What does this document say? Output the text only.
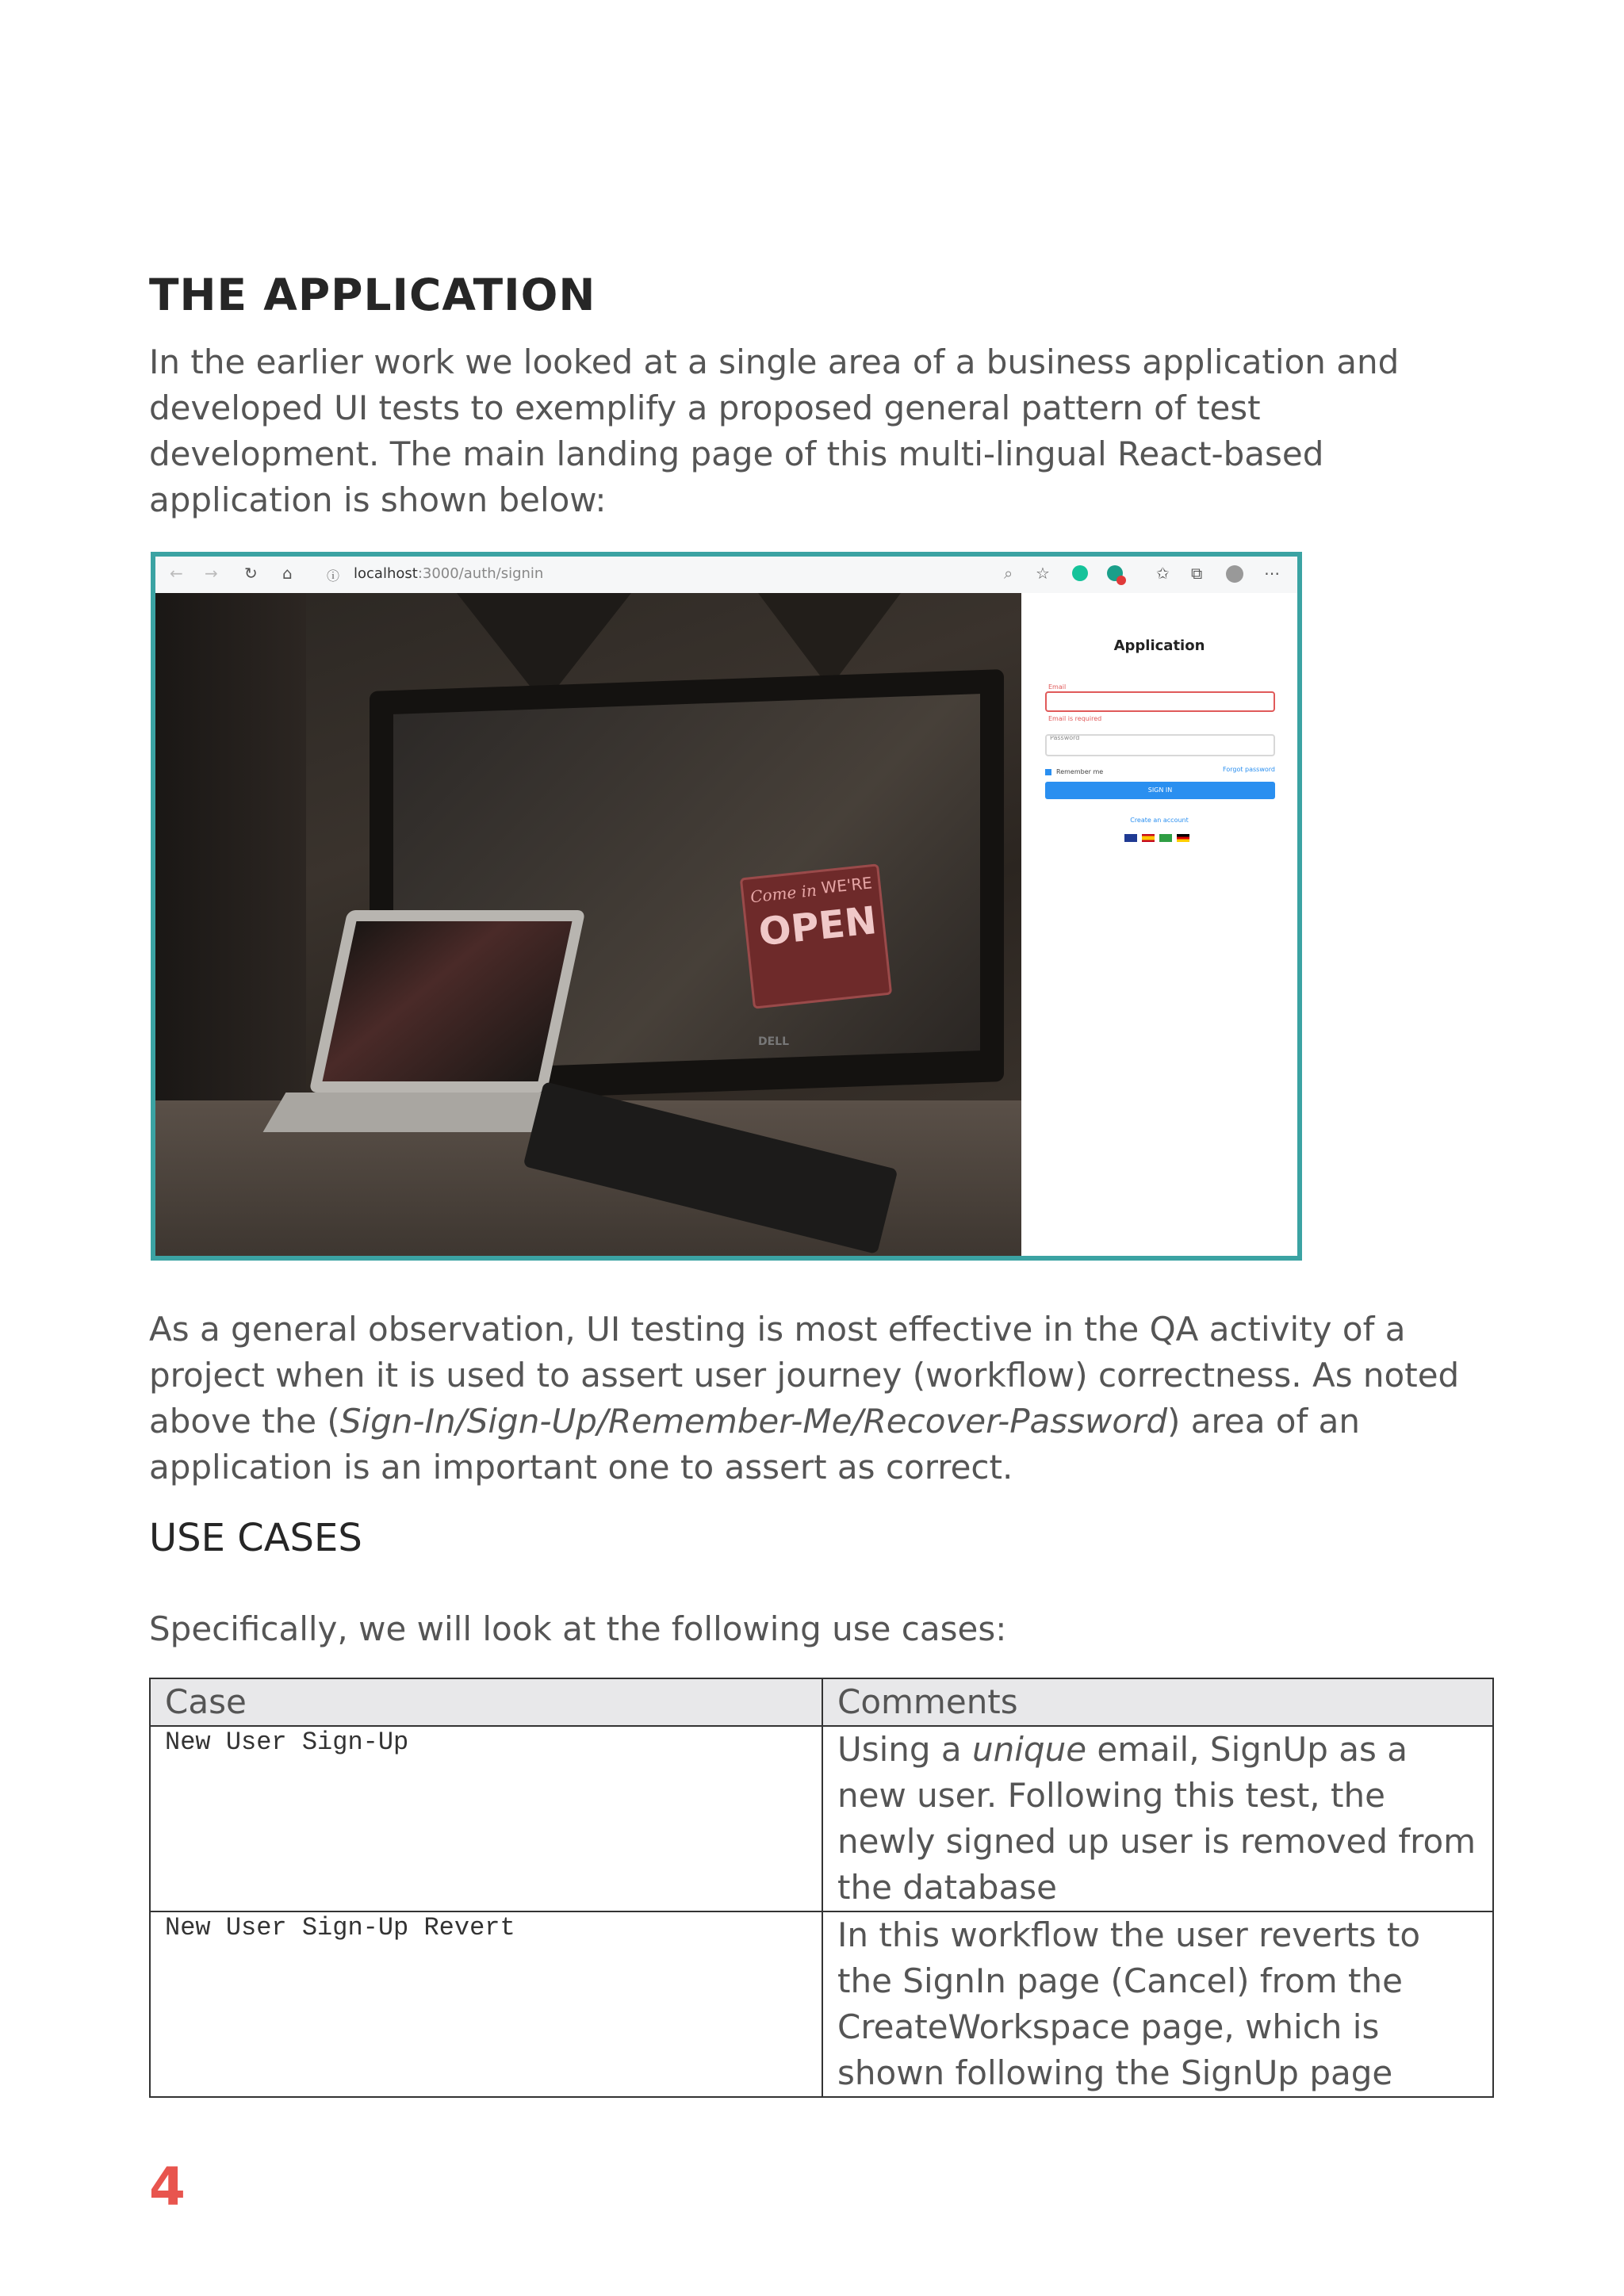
THE APPLICATION

In the earlier work we looked at a single area of a business application and
developed UI tests to exemplify a proposed general pattern of test
development. The main landing page of this multi-lingual React-based
application is shown below:

← → ↻ ⌂	ⓘ localhost:3000/auth/signin	⌕ ☆	✩ ⧉	⋯
Come in WE'RE
OPEN
DELL
Application
Email
Email is required
Password
Remember me	Forgot password
SIGN IN
Create an account

As a general observation, UI testing is most effective in the QA activity of a
project when it is used to assert user journey (workflow) correctness. As noted
above the (Sign-In/Sign-Up/Remember-Me/Recover-Password) area of an
application is an important one to assert as correct.

USE CASES

Specifically, we will look at the following use cases:

Case	Comments
New User Sign-Up	Using a unique email, SignUp as a
new user. Following this test, the
newly signed up user is removed from
the database
New User Sign-Up Revert	In this workflow the user reverts to
the SignIn page (Cancel) from the
CreateWorkspace page, which is
shown following the SignUp page
4
